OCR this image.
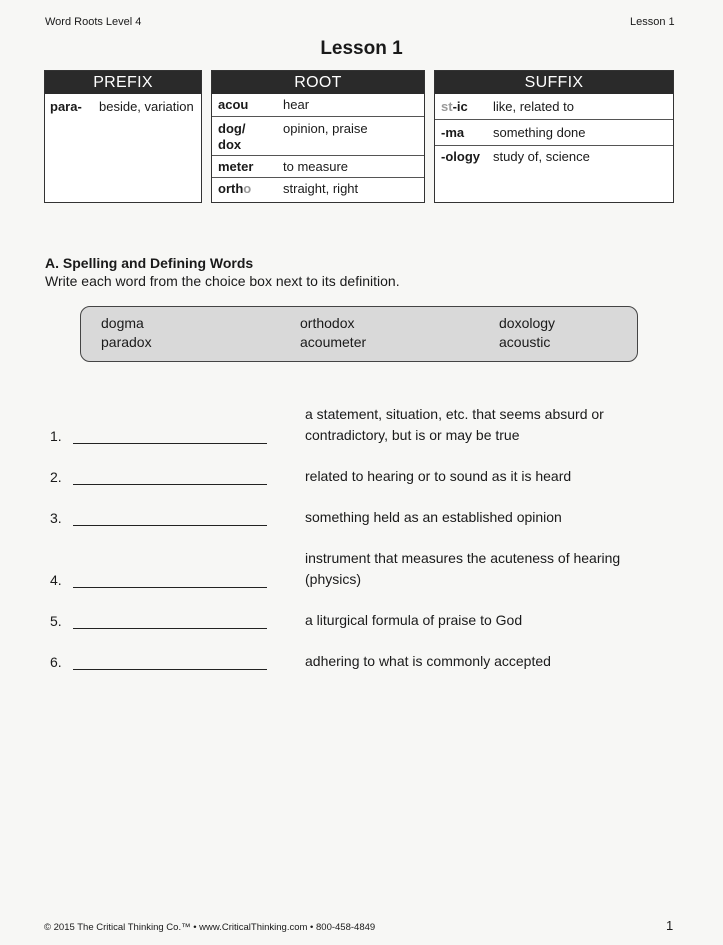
Word Roots Level 4	Lesson 1
Lesson 1
PREFIX
para- beside, variation
ROOT
acou	hear
dog/ dox
opinion, praise
meter to measure
ortho straight, right
SUFFIX
st-ic like, related to
-ma something done
-ology study of, science
A. Spelling and Defining Words
Write each word from the choice box next to its definition.
dogma	orthodox	doxology
paradox	acoumeter	acoustic
1.
a statement, situation, etc. that seems absurd or contradictory, but is or may be true
2.	related to hearing or to sound as it is heard
3.	something held as an established opinion
4.
instrument that measures the acuteness of hearing (physics)
5.	a liturgical formula of praise to God
6.	adhering to what is commonly accepted
© 2015 The Critical Thinking Co.™ • www.CriticalThinking.com • 800-458-4849	1
